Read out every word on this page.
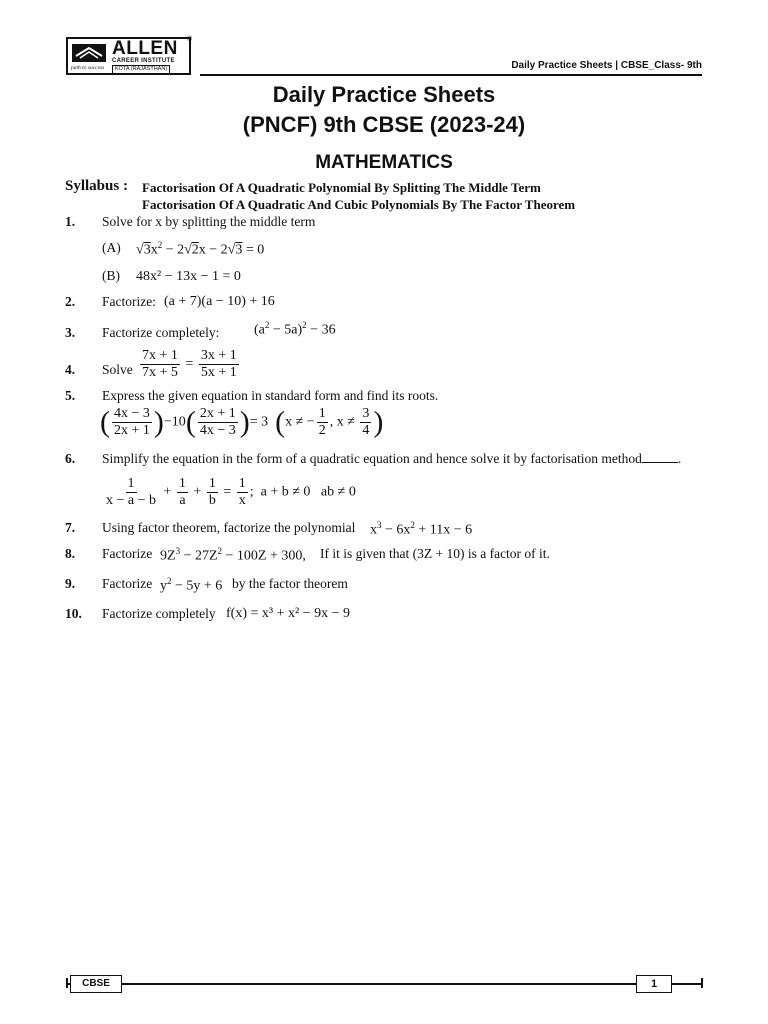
ALLEN
CAREER INSTITUTE
KOTA (RAJASTHAN)
path to success
®
Daily Practice Sheets | CBSE_Class- 9th
Daily Practice Sheets
(PNCF) 9th CBSE (2023-24)
MATHEMATICS
Syllabus : Factorisation Of A Quadratic Polynomial By Splitting The Middle Term
Factorisation Of A Quadratic And Cubic Polynomials By The Factor Theorem
1. Solve for x by splitting the middle term
(A) $√3x^2 - 2√2x - 2√3 = 0$
(B) 48x² − 13x − 1 = 0
2. Factorize: (a + 7)(a − 10) + 16
3. Factorize completely: $(a^2 - 5a)^2 - 36$
4. Solve $\frac{7x + 1}{7x + 5} = \frac{3x + 1}{5x + 1}$
5. Express the given equation in standard form and find its roots.
( $\frac{4x - 3}{2x + 1} )-10( \frac{2x + 1}{4x - 3}$ )= 3  (x ≠ − $\frac{1}{2}$ , $x \ne \frac{3}{4}$ )
6. Simplify the equation in the form of a quadratic equation and hence solve it by factorisation method	.
$\frac{1}{x - a - b} + \frac{1}{a} + \frac{1}{b} = \frac{1}{x}$ ;  a + b ≠ 0   ab ≠ 0
7. Using factor theorem, factorize the polynomial $x^3 - 6x^2 + 11x - 6$
8. Factorize $9Z^3 - 27Z^2 - 100Z + 300$, If it is given that (3Z + 10) is a factor of it.
9. Factorize $y^2 - 5y + 6$ by the factor theorem
10. Factorize completely f(x) = x³ + x² − 9x − 9
CBSE	1
